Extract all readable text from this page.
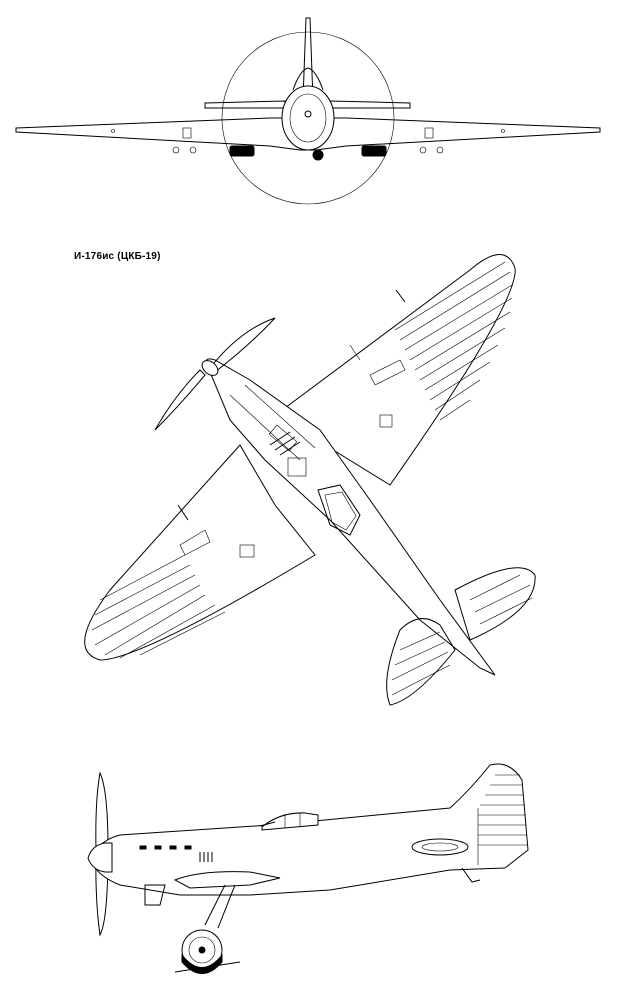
И-176ис (ЦКБ-19)
